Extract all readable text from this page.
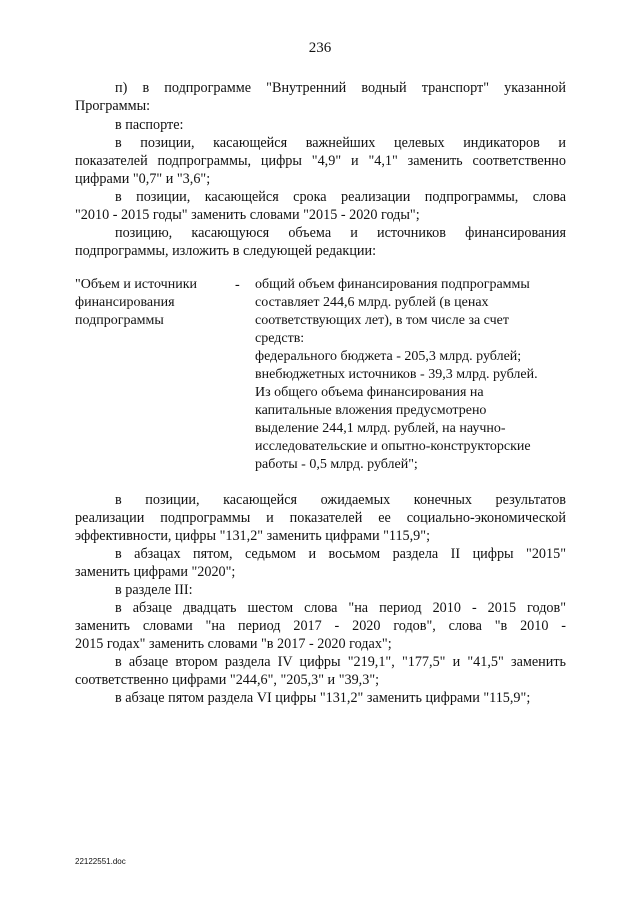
236
п) в подпрограмме "Внутренний водный транспорт" указанной
Программы:
в паспорте:
в позиции, касающейся важнейших целевых индикаторов и
показателей подпрограммы, цифры "4,9" и "4,1" заменить соответственно
цифрами "0,7" и "3,6";
в позиции, касающейся срока реализации подпрограммы, слова
"2010 - 2015 годы" заменить словами "2015 - 2020 годы";
позицию, касающуюся объема и источников финансирования
подпрограммы, изложить в следующей редакции:
"Объем и источники
финансирования
подпрограммы
- общий объем финансирования подпрограммы
составляет 244,6 млрд. рублей (в ценах
соответствующих лет), в том числе за счет
средств:
федерального бюджета - 205,3 млрд. рублей;
внебюджетных источников - 39,3 млрд. рублей.
Из общего объема финансирования на
капитальные вложения предусмотрено
выделение 244,1 млрд. рублей, на научно-
исследовательские и опытно-конструкторские
работы - 0,5 млрд. рублей";
в позиции, касающейся ожидаемых конечных результатов
реализации подпрограммы и показателей ее социально-экономической
эффективности, цифры "131,2" заменить цифрами "115,9";
в абзацах пятом, седьмом и восьмом раздела II цифры "2015"
заменить цифрами "2020";
в разделе III:
в абзаце двадцать шестом слова "на период 2010 - 2015 годов"
заменить словами "на период 2017 - 2020 годов", слова "в 2010 -
2015 годах" заменить словами "в 2017 - 2020 годах";
в абзаце втором раздела IV цифры "219,1", "177,5" и "41,5" заменить
соответственно цифрами "244,6", "205,3" и "39,3";
в абзаце пятом раздела VI цифры "131,2" заменить цифрами "115,9";
22122551.doc
